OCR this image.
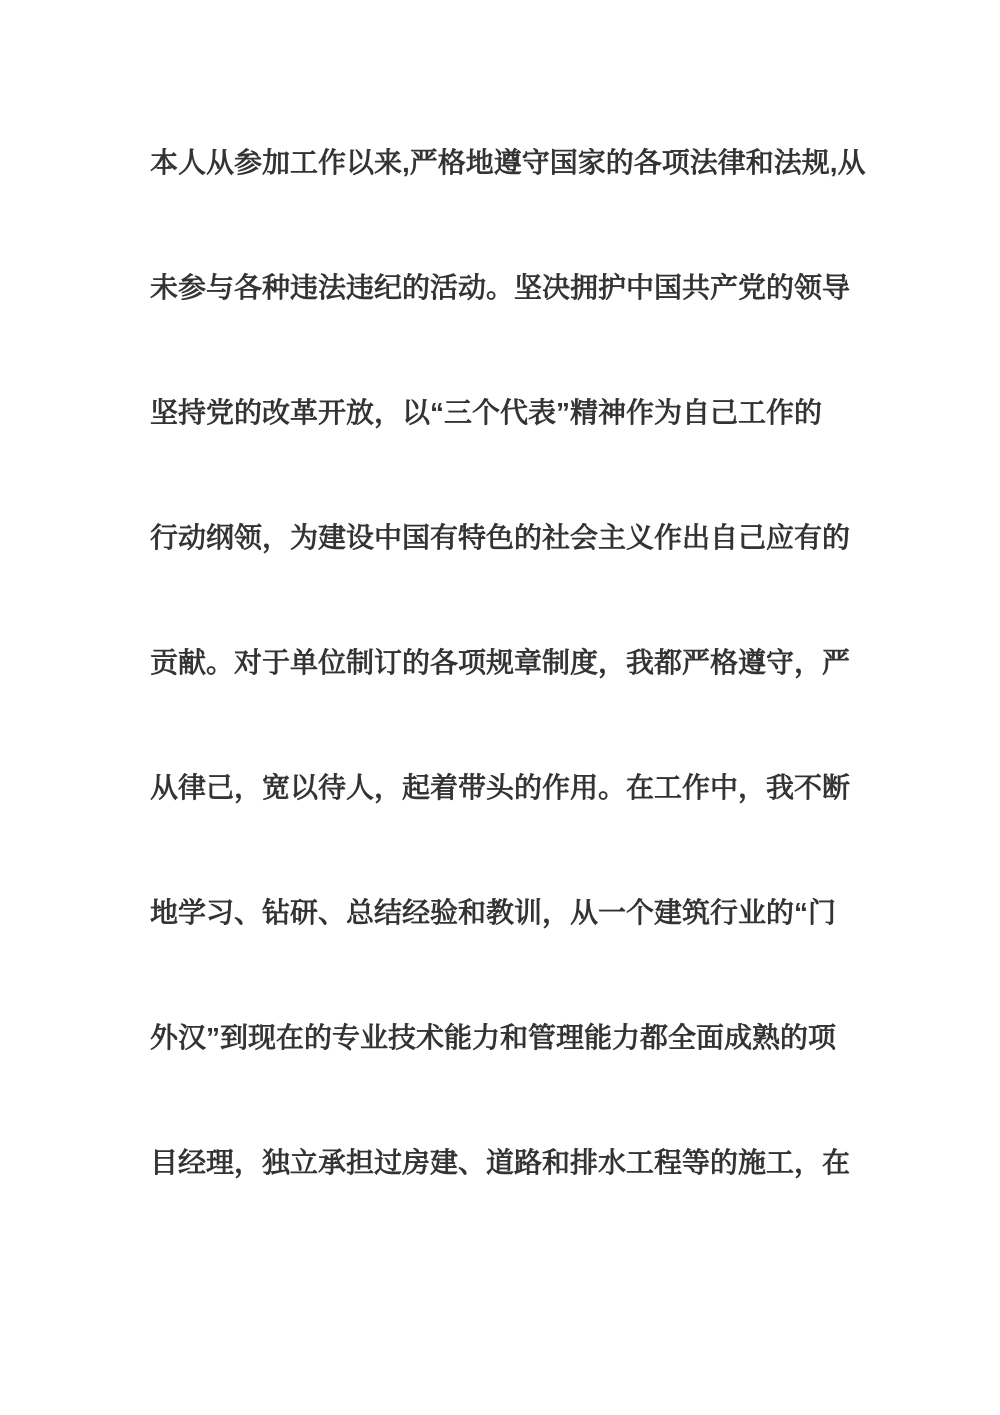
本人从参加工作以来,严格地遵守国家的各项法律和法规,从
未参与各种违法违纪的活动。坚决拥护中国共产党的领导
坚持党的改革开放，以“三个代表”精神作为自己工作的
行动纲领，为建设中国有特色的社会主义作出自己应有的
贡献。对于单位制订的各项规章制度，我都严格遵守，严
从律己，宽以待人，起着带头的作用。在工作中，我不断
地学习、钻研、总结经验和教训，从一个建筑行业的“门
外汉”到现在的专业技术能力和管理能力都全面成熟的项
目经理，独立承担过房建、道路和排水工程等的施工，在
